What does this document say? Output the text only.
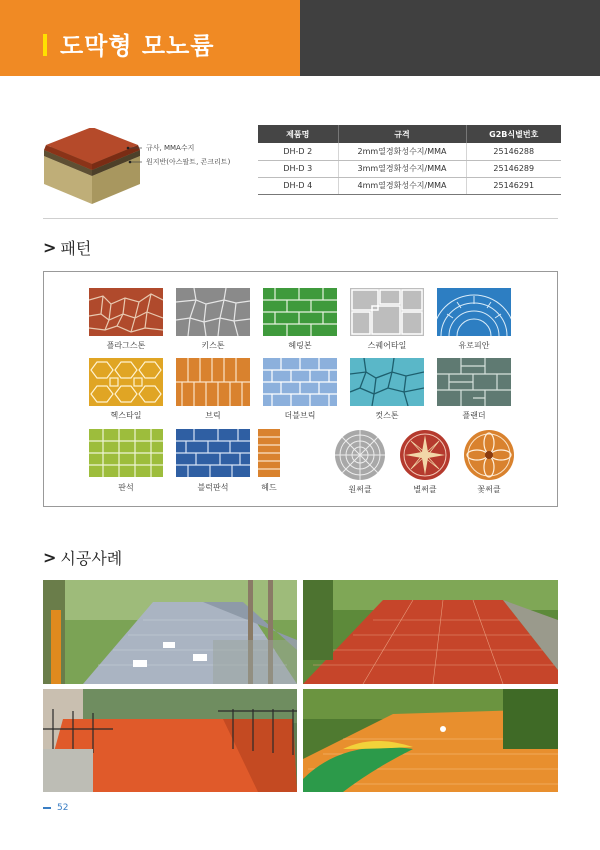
도막형 모노륨
규사, MMA수지
원지반(아스팔트, 콘크리트)
제품명	규격	G2B식별번호
DH-D 2	2mm열경화성수지/MMA	25146288
DH-D 3	3mm열경화성수지/MMA	25146289
DH-D 4	4mm열경화성수지/MMA	25146291
> 패턴
플라그스톤	키스톤	헤링본	스퀘어타일	유로피안
헥스타일	브릭	더블브릭	컷스톤	플랜더
판석	블럭판석	헤드	원써클	별써클	꽃써클
> 시공사례
52
